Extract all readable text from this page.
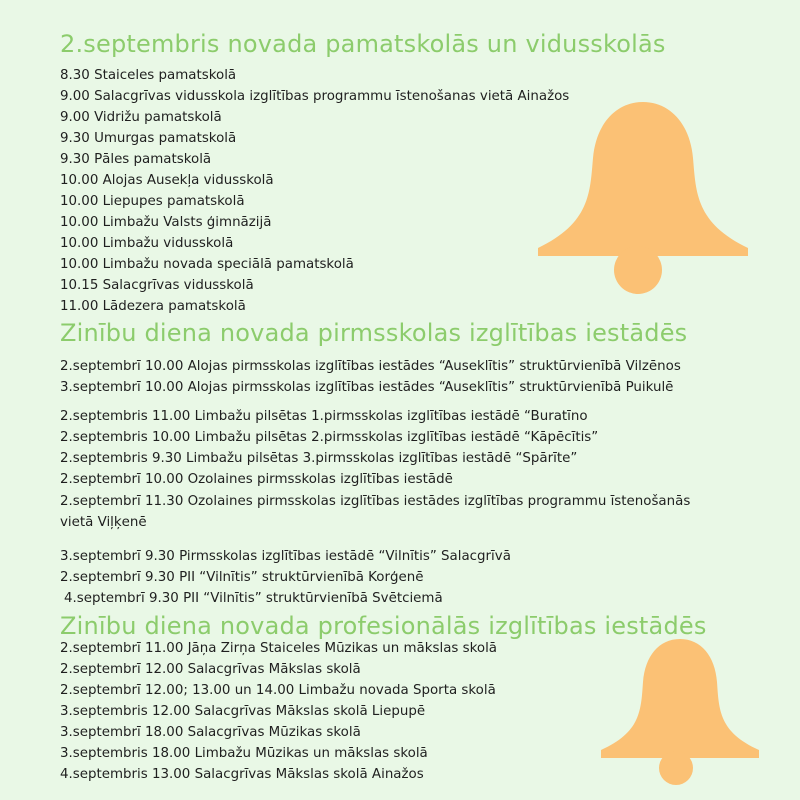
2.septembris novada pamatskolās un vidusskolās
8.30 Staiceles pamatskolā
9.00 Salacgrīvas vidusskola izglītības programmu īstenošanas vietā Ainažos
9.00 Vidrižu pamatskolā
9.30 Umurgas pamatskolā
9.30 Pāles pamatskolā
10.00 Alojas Ausekļa vidusskolā
10.00 Liepupes pamatskolā
10.00 Limbažu Valsts ģimnāzijā
10.00 Limbažu vidusskolā
10.00 Limbažu novada speciālā pamatskolā
10.15 Salacgrīvas vidusskolā
11.00 Lādezera pamatskolā
Zinību diena novada pirmsskolas izglītības iestādēs
2.septembrī 10.00 Alojas pirmsskolas izglītības iestādes “Auseklītis” struktūrvienībā Vilzēnos
3.septembrī 10.00 Alojas pirmsskolas izglītības iestādes “Auseklītis” struktūrvienībā Puikulē
2.septembris 11.00 Limbažu pilsētas 1.pirmsskolas izglītības iestādē “Buratīno
2.septembris 10.00 Limbažu pilsētas 2.pirmsskolas izglītības iestādē “Kāpēcītis”
2.septembris 9.30 Limbažu pilsētas 3.pirmsskolas izglītības iestādē “Spārīte”
2.septembrī 10.00 Ozolaines pirmsskolas izglītības iestādē
2.septembrī 11.30 Ozolaines pirmsskolas izglītības iestādes izglītības programmu īstenošanās vietā Viļķenē
3.septembrī 9.30 Pirmsskolas izglītības iestādē “Vilnītis” Salacgrīvā
2.septembrī 9.30 PII “Vilnītis” struktūrvienībā Korģenē
4.septembrī 9.30 PII “Vilnītis” struktūrvienībā Svētciemā
Zinību diena novada profesionālās izglītības iestādēs
2.septembrī 11.00 Jāņa Zirņa Staiceles Mūzikas un mākslas skolā
2.septembrī 12.00 Salacgrīvas Mākslas skolā
2.septembrī 12.00; 13.00 un 14.00 Limbažu novada Sporta skolā
3.septembris 12.00 Salacgrīvas Mākslas skolā Liepupē
3.septembrī 18.00 Salacgrīvas Mūzikas skolā
3.septembris 18.00 Limbažu Mūzikas un mākslas skolā
4.septembris 13.00 Salacgrīvas Mākslas skolā Ainažos
